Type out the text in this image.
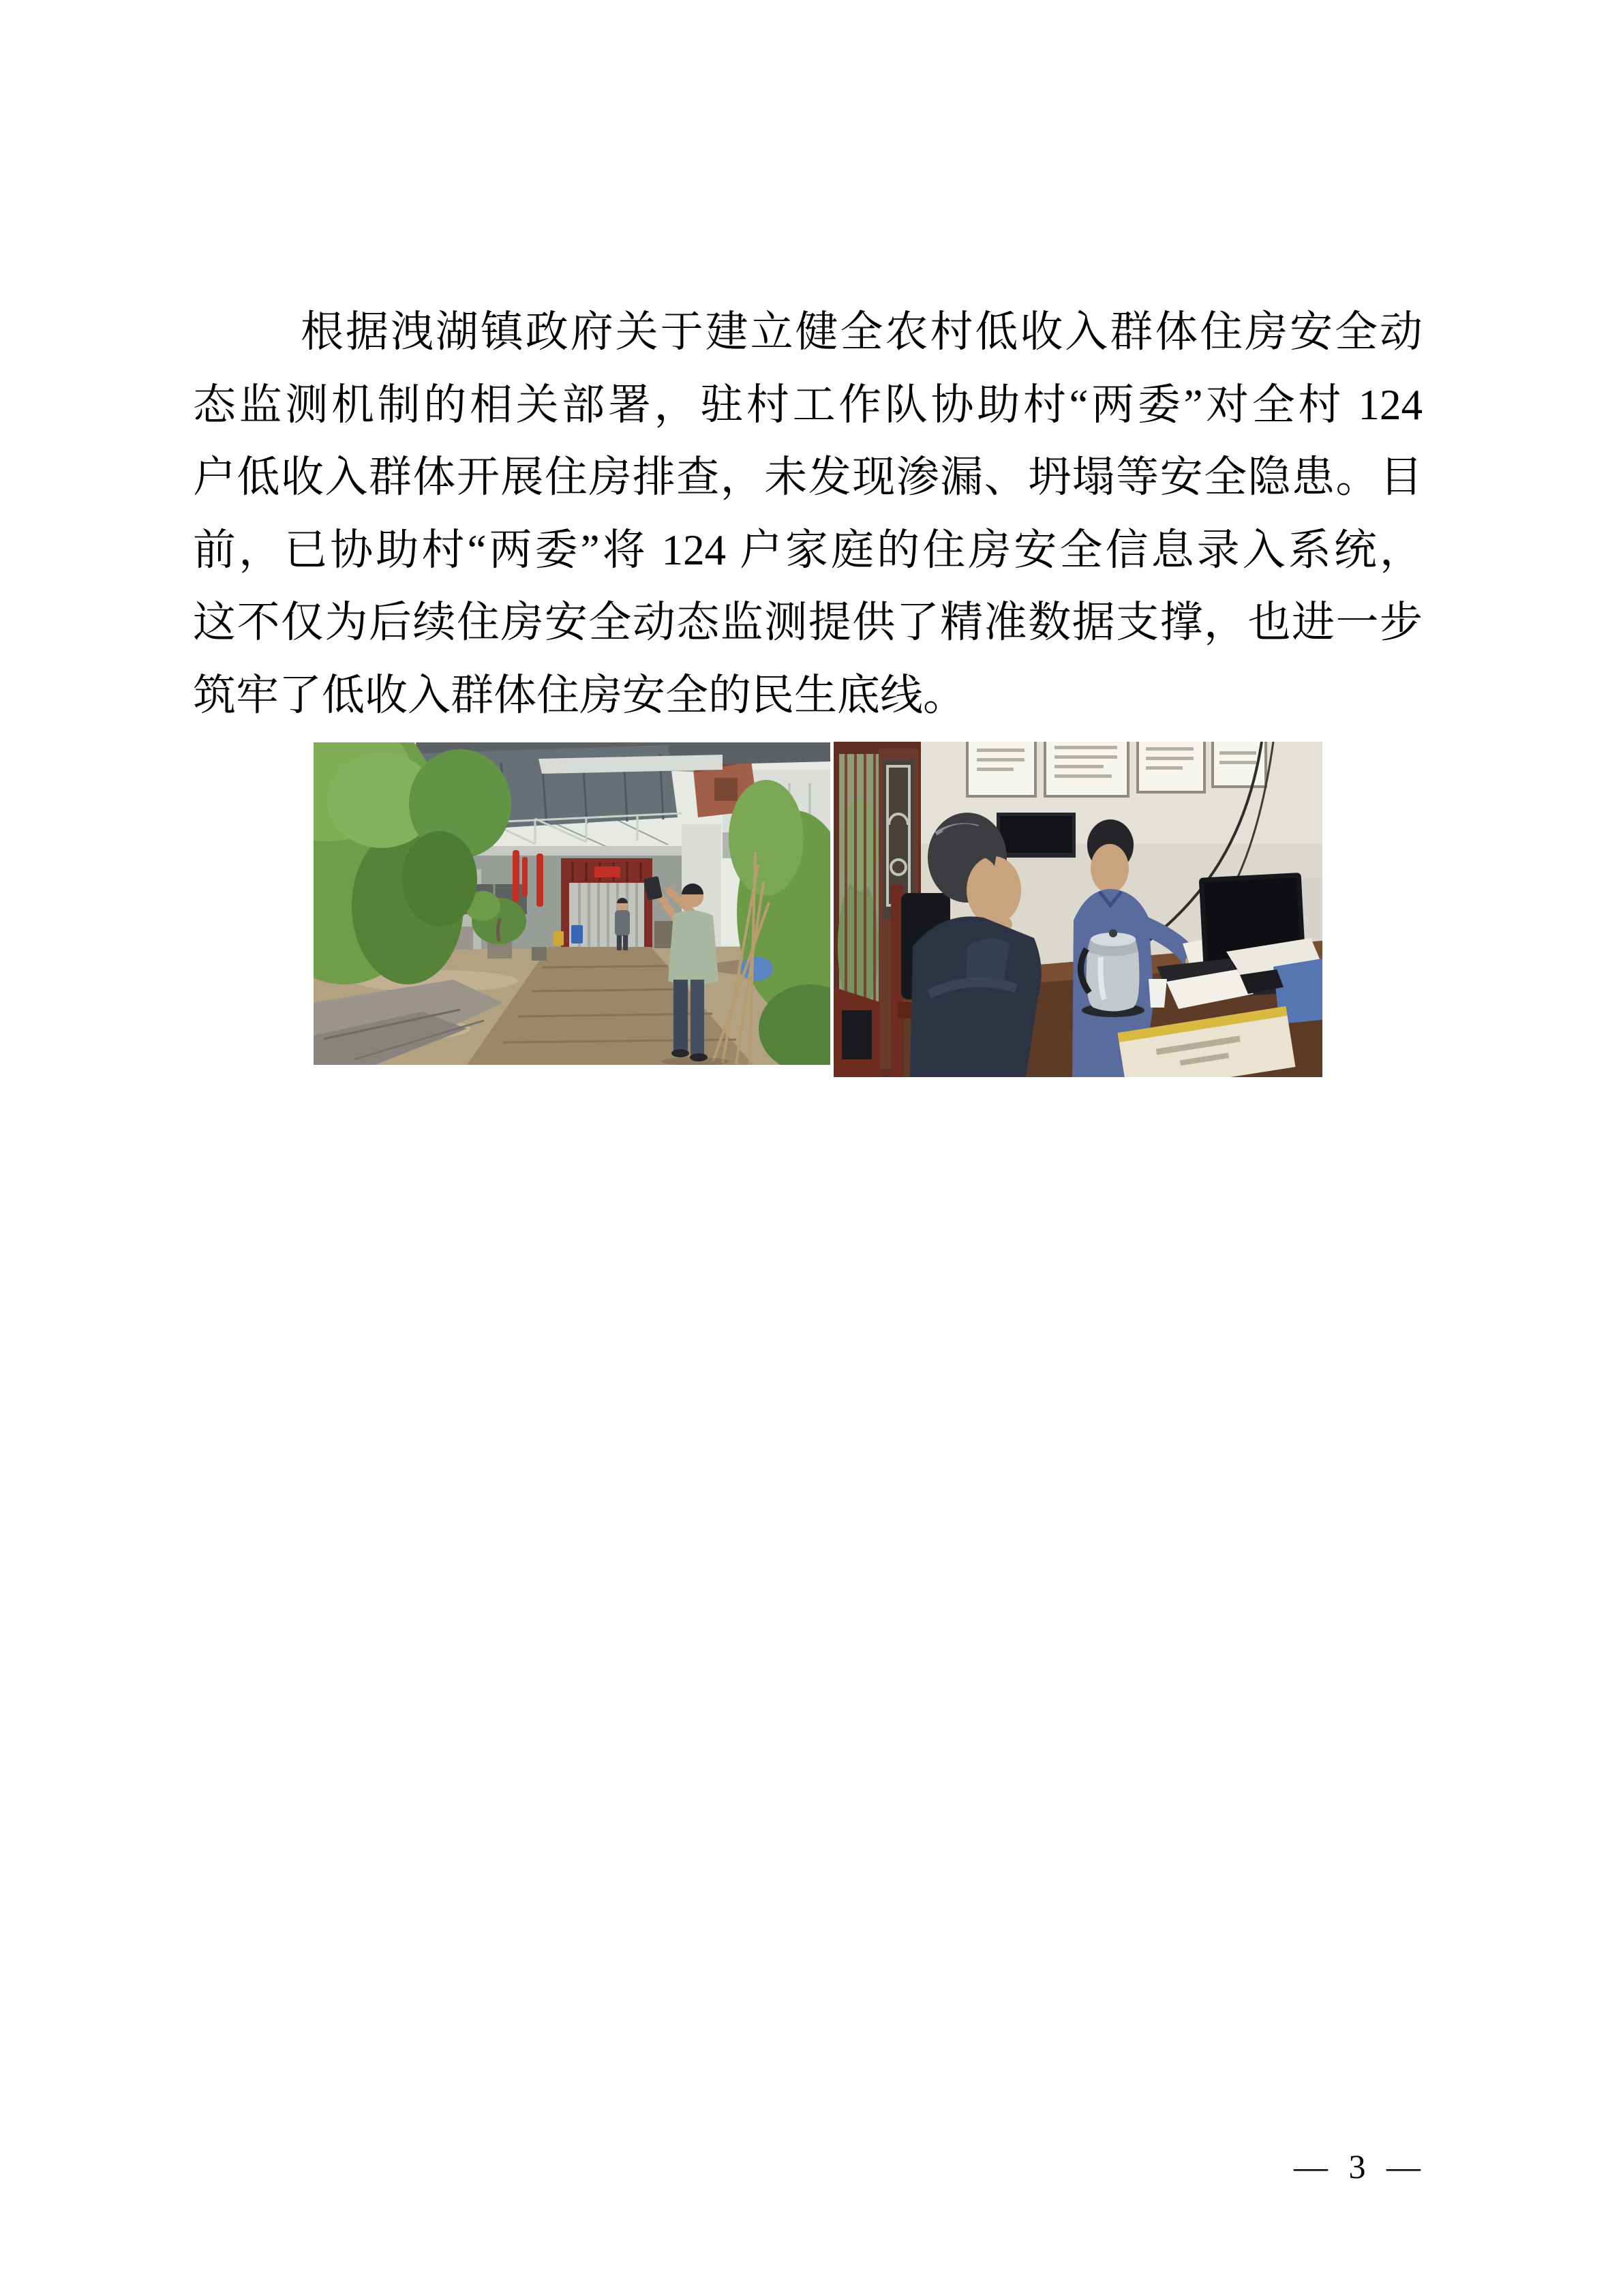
根据洩湖镇政府关于建立健全农村低收入群体住房安全动
态监测机制的相关部署，驻村工作队协助村“两委”对全村 124
户低收入群体开展住房排查，未发现渗漏、坍塌等安全隐患。目
前，已协助村“两委”将 124 户家庭的住房安全信息录入系统，
这不仅为后续住房安全动态监测提供了精准数据支撑，也进一步
筑牢了低收入群体住房安全的民生底线。
— 3 —
